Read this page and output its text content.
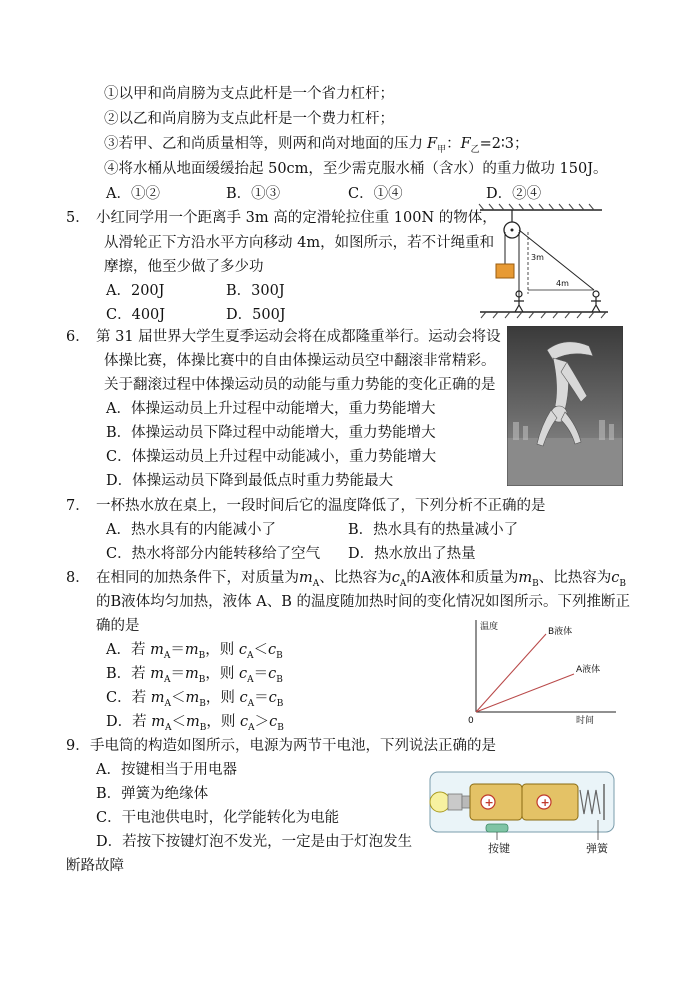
①以甲和尚肩膀为支点此杆是一个省力杠杆；
②以乙和尚肩膀为支点此杆是一个费力杠杆；
③若甲、乙和尚质量相等，则两和尚对地面的压力 $F_甲$：$F_乙=2∶3$；
④将水桶从地面缓缓抬起 50cm，至少需克服水桶（含水）的重力做功 150J。
A．①②	B．①③	C．①④	D．②④
5． 小红同学用一个距离手 3m 高的定滑轮拉住重 100N 的物体，
从滑轮正下方沿水平方向移动 4m，如图所示，若不计绳重和
摩擦，他至少做了多少功
A．200J	B．300J
C．400J	D．500J
3m
4m
6． 第 31 届世界大学生夏季运动会将在成都隆重举行。运动会将设
体操比赛，体操比赛中的自由体操运动员空中翻滚非常精彩。
关于翻滚过程中体操运动员的动能与重力势能的变化正确的是
A．体操运动员上升过程中动能增大，重力势能增大
B．体操运动员下降过程中动能增大，重力势能增大
C．体操运动员上升过程中动能减小，重力势能增大
D．体操运动员下降到最低点时重力势能最大
7． 一杯热水放在桌上，一段时间后它的温度降低了，下列分析不正确的是
A．热水具有的内能减小了	B．热水具有的热量减小了
C．热水将部分内能转移给了空气 D．热水放出了热量
8． 在相同的加热条件下，对质量为$m_A$、比热容为$c_A$的A液体和质量为$m_B$、比热容为$c_B$
的B液体均匀加热，液体 A、B 的温度随加热时间的变化情况如图所示。下列推断正
确的是
A．若 $m_A=m_B$，则 $c_A<c_B$
B．若 $m_A=m_B$，则 $c_A=c_B$
C．若 $m_A<m_B$，则 $c_A=c_B$
D．若 $m_A<m_B$，则 $c_A>c_B$
温度
时间
0
B液体
A液体
9． 手电筒的构造如图所示，电源为两节干电池，下列说法正确的是
A．按键相当于用电器
B．弹簧为绝缘体
C．干电池供电时，化学能转化为电能
D．若按下按键灯泡不发光，一定是由于灯泡发生
断路故障
+	+
按键	弹簧
